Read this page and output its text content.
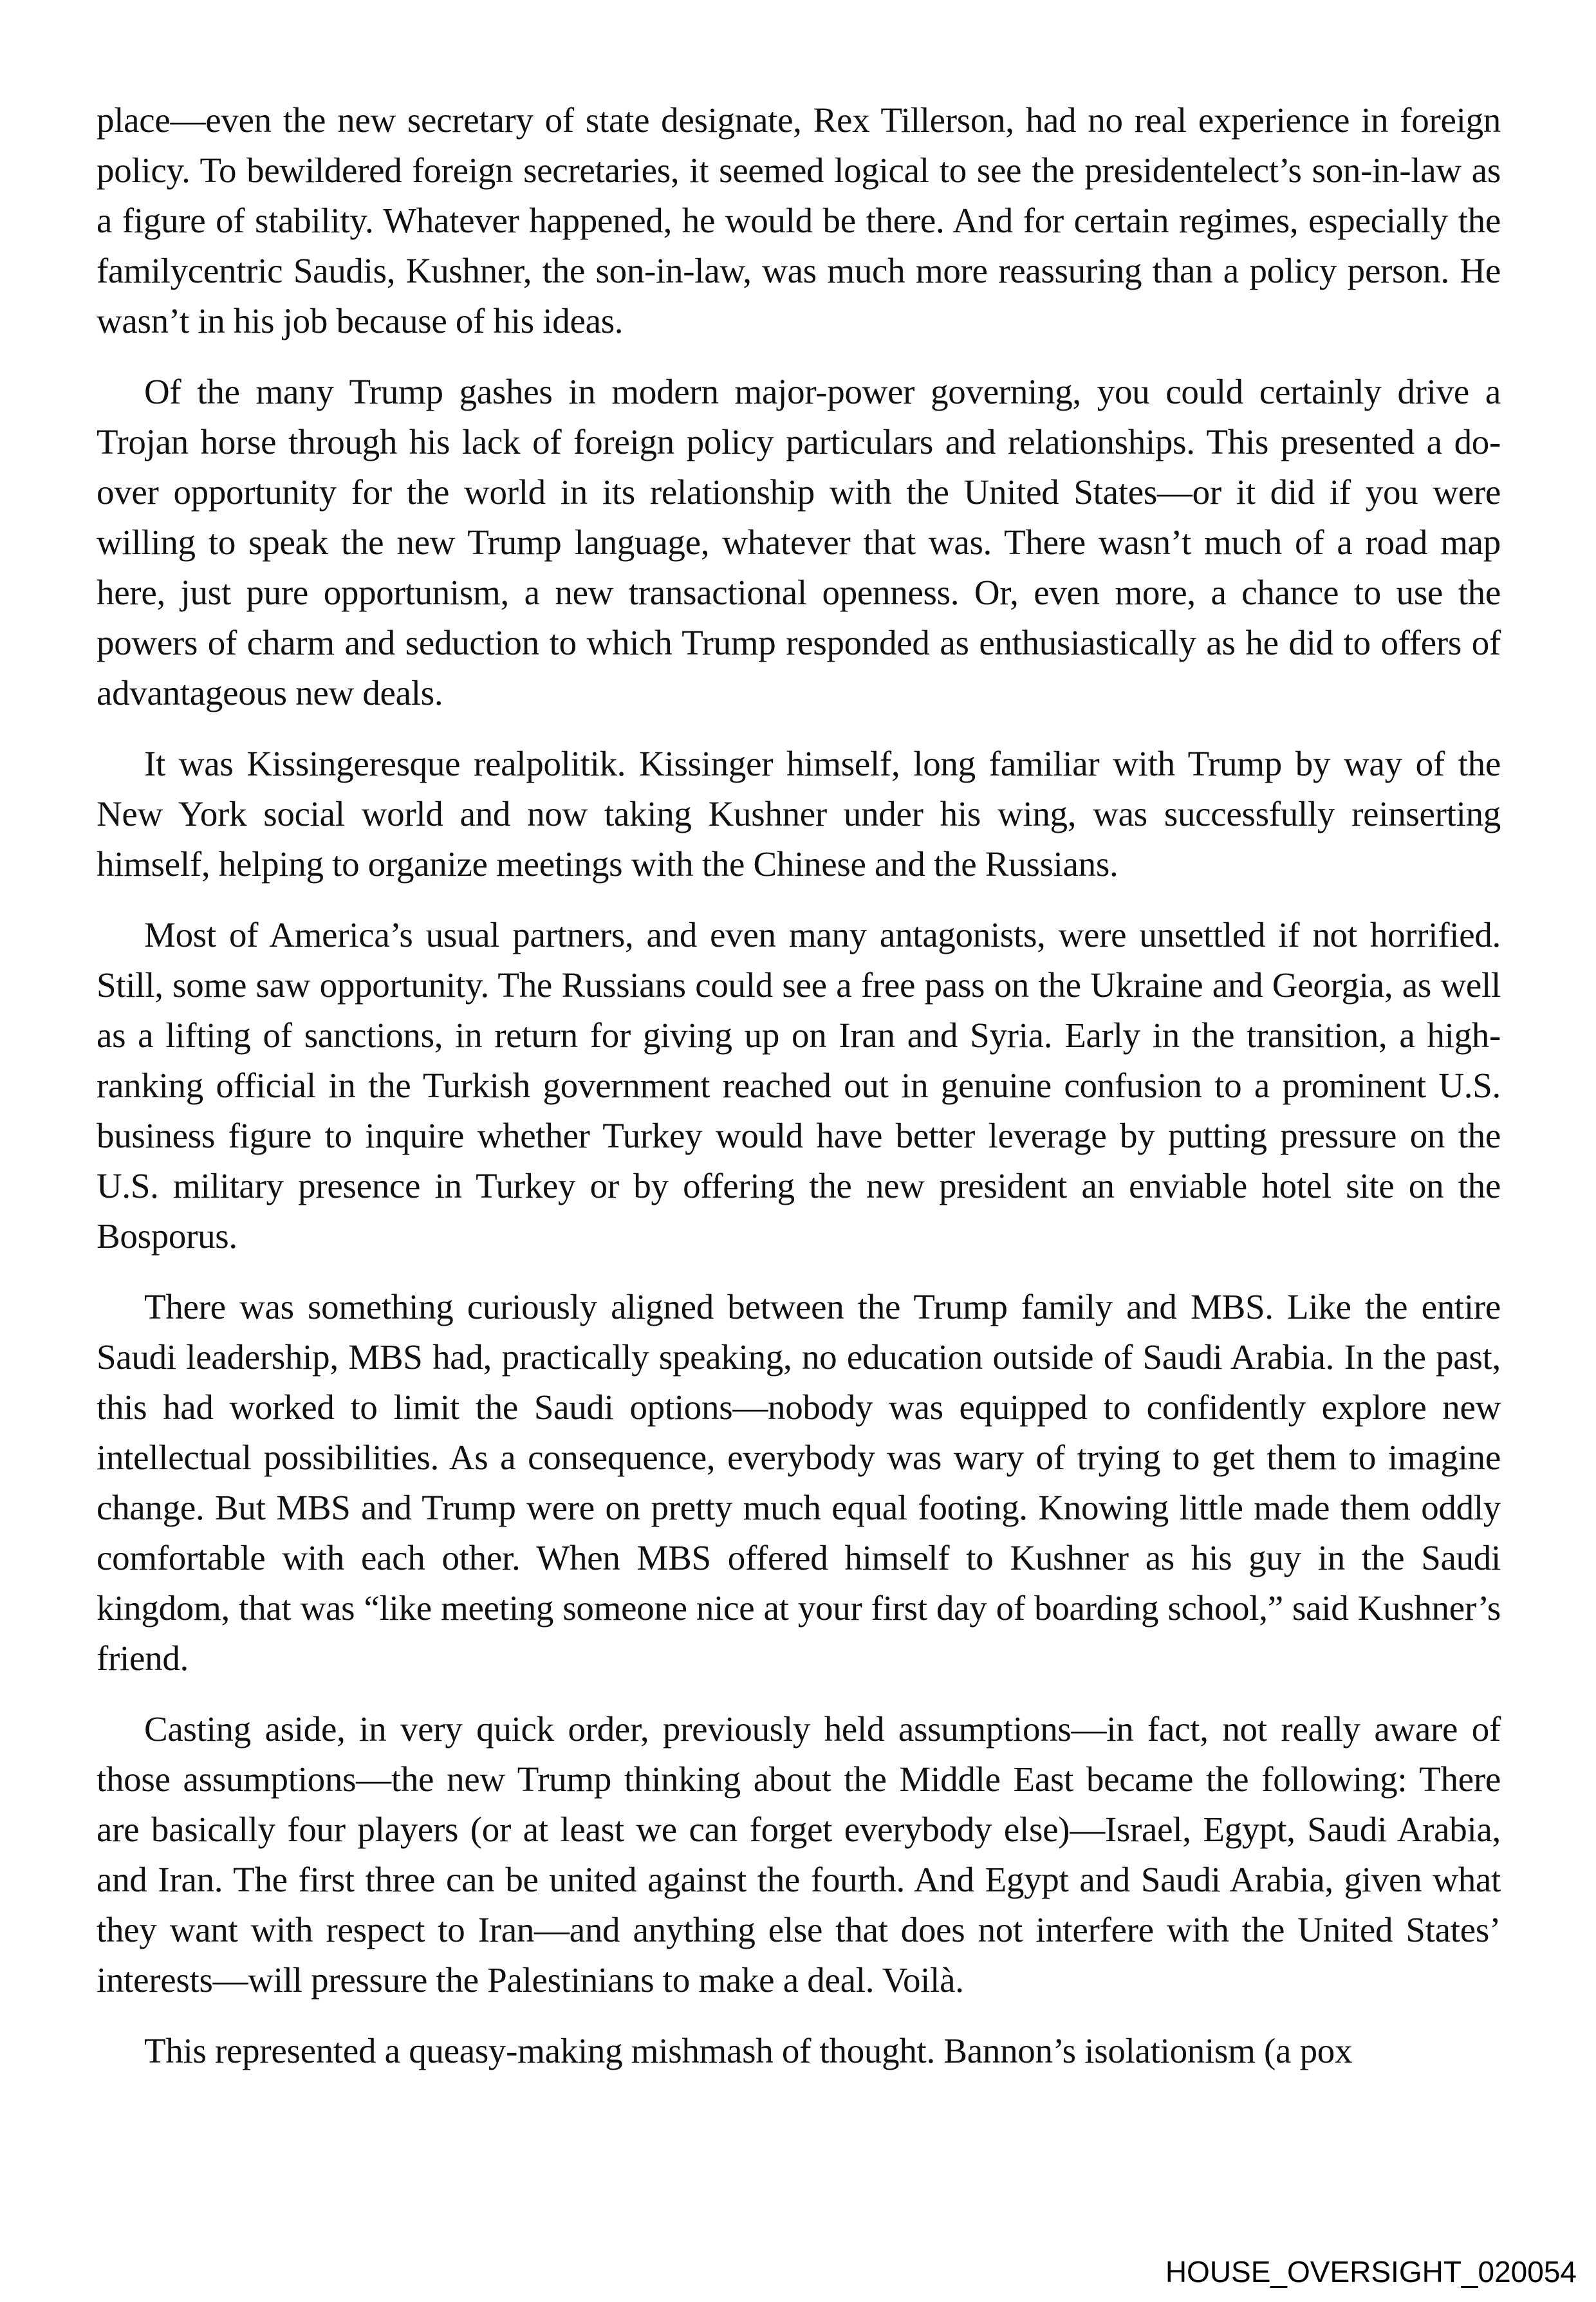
place—even the new secretary of state designate, Rex Tillerson, had no real experience in foreign policy. To bewildered foreign secretaries, it seemed logical to see the presidentelect’s son-in-law as a figure of stability. Whatever happened, he would be there. And for certain regimes, especially the familycentric Saudis, Kushner, the son-in-law, was much more reassuring than a policy person. He wasn’t in his job because of his ideas.

Of the many Trump gashes in modern major-power governing, you could certainly drive a Trojan horse through his lack of foreign policy particulars and relationships. This presented a do-over opportunity for the world in its relationship with the United States—or it did if you were willing to speak the new Trump language, whatever that was. There wasn’t much of a road map here, just pure opportunism, a new transactional openness. Or, even more, a chance to use the powers of charm and seduction to which Trump responded as enthusiastically as he did to offers of advantageous new deals.

It was Kissingeresque realpolitik. Kissinger himself, long familiar with Trump by way of the New York social world and now taking Kushner under his wing, was successfully reinserting himself, helping to organize meetings with the Chinese and the Russians.

Most of America’s usual partners, and even many antagonists, were unsettled if not horrified. Still, some saw opportunity. The Russians could see a free pass on the Ukraine and Georgia, as well as a lifting of sanctions, in return for giving up on Iran and Syria. Early in the transition, a high-ranking official in the Turkish government reached out in genuine confusion to a prominent U.S. business figure to inquire whether Turkey would have better leverage by putting pressure on the U.S. military presence in Turkey or by offering the new president an enviable hotel site on the Bosporus.

There was something curiously aligned between the Trump family and MBS. Like the entire Saudi leadership, MBS had, practically speaking, no education outside of Saudi Arabia. In the past, this had worked to limit the Saudi options—nobody was equipped to confidently explore new intellectual possibilities. As a consequence, everybody was wary of trying to get them to imagine change. But MBS and Trump were on pretty much equal footing. Knowing little made them oddly comfortable with each other. When MBS offered himself to Kushner as his guy in the Saudi kingdom, that was “like meeting someone nice at your first day of boarding school,” said Kushner’s friend.

Casting aside, in very quick order, previously held assumptions—in fact, not really aware of those assumptions—the new Trump thinking about the Middle East became the following: There are basically four players (or at least we can forget everybody else)—Israel, Egypt, Saudi Arabia, and Iran. The first three can be united against the fourth. And Egypt and Saudi Arabia, given what they want with respect to Iran—and anything else that does not interfere with the United States’ interests—will pressure the Palestinians to make a deal. Voilà.

This represented a queasy-making mishmash of thought. Bannon’s isolationism (a pox

HOUSE_OVERSIGHT_020054
